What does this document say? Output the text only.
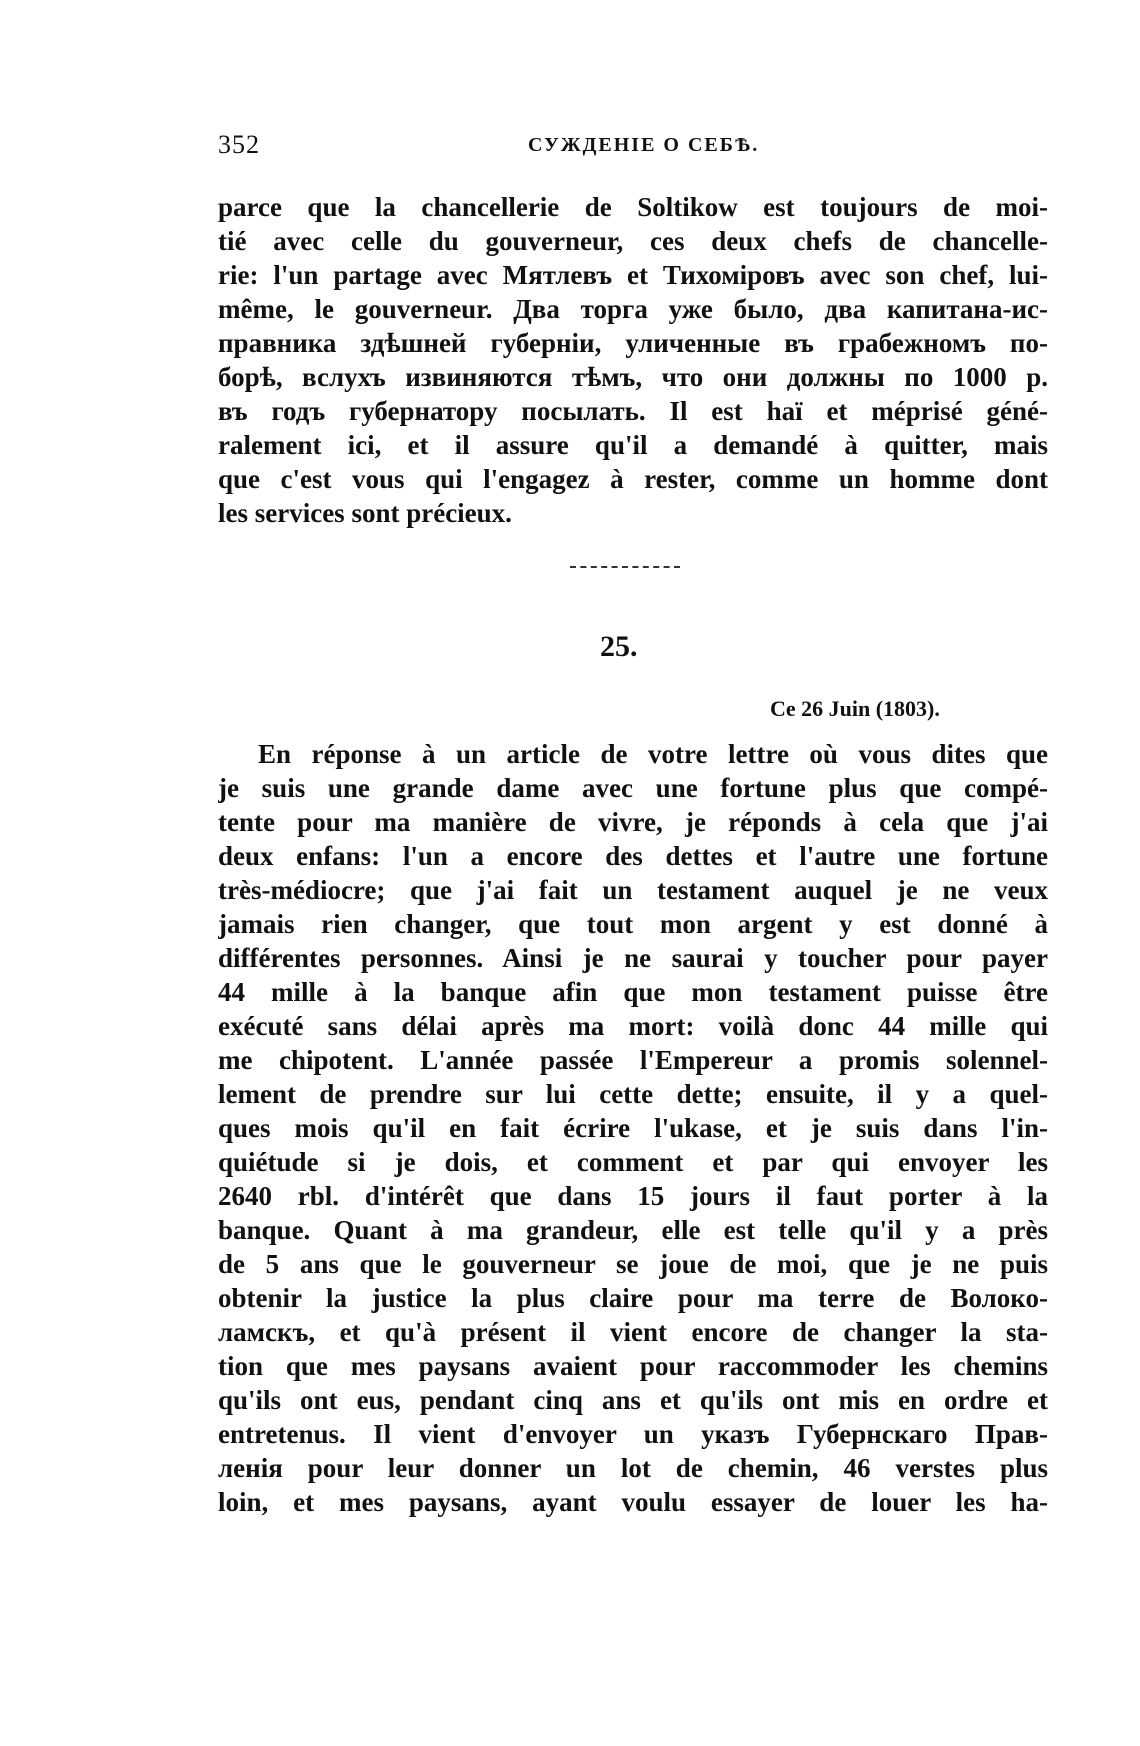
352	СУЖДЕНІЕ О СЕБѢ.
parce que la chancellerie de Soltikow est toujours de moi-
tié avec celle du gouverneur, ces deux chefs de chancelle-
rie: l'un partage avec Мятлевъ et Тихоміровъ avec son chef, lui-
même, le gouverneur. Два торга уже было, два капитана-ис-
правника здѣшней губерніи, уличенные въ грабежномъ по-
борѣ, вслухъ извиняются тѣмъ, что они должны по 1000 р.
въ годъ губернатору посылать. Il est haï et méprisé géné-
ralement ici, et il assure qu'il a demandé à quitter, mais
que c'est vous qui l'engagez à rester, comme un homme dont
les services sont précieux.
25.
Ce 26 Juin (1803).
En réponse à un article de votre lettre où vous dites que
je suis une grande dame avec une fortune plus que compé-
tente pour ma manière de vivre, je réponds à cela que j'ai
deux enfans: l'un a encore des dettes et l'autre une fortune
très-médiocre; que j'ai fait un testament auquel je ne veux
jamais rien changer, que tout mon argent y est donné à
différentes personnes. Ainsi je ne saurai y toucher pour payer
44 mille à la banque afin que mon testament puisse être
exécuté sans délai après ma mort: voilà donc 44 mille qui
me chipotent. L'année passée l'Empereur a promis solennel-
lement de prendre sur lui cette dette; ensuite, il y a quel-
ques mois qu'il en fait écrire l'ukase, et je suis dans l'in-
quiétude si je dois, et comment et par qui envoyer les
2640 rbl. d'intérêt que dans 15 jours il faut porter à la
banque. Quant à ma grandeur, elle est telle qu'il y a près
de 5 ans que le gouverneur se joue de moi, que je ne puis
obtenir la justice la plus claire pour ma terre de Волоко-
ламскъ, et qu'à présent il vient encore de changer la sta-
tion que mes paysans avaient pour raccommoder les chemins
qu'ils ont eus, pendant cinq ans et qu'ils ont mis en ordre et
entretenus. Il vient d'envoyer un указъ Губернскаго Прав-
ленія pour leur donner un lot de chemin, 46 verstes plus
loin, et mes paysans, ayant voulu essayer de louer les ha-
